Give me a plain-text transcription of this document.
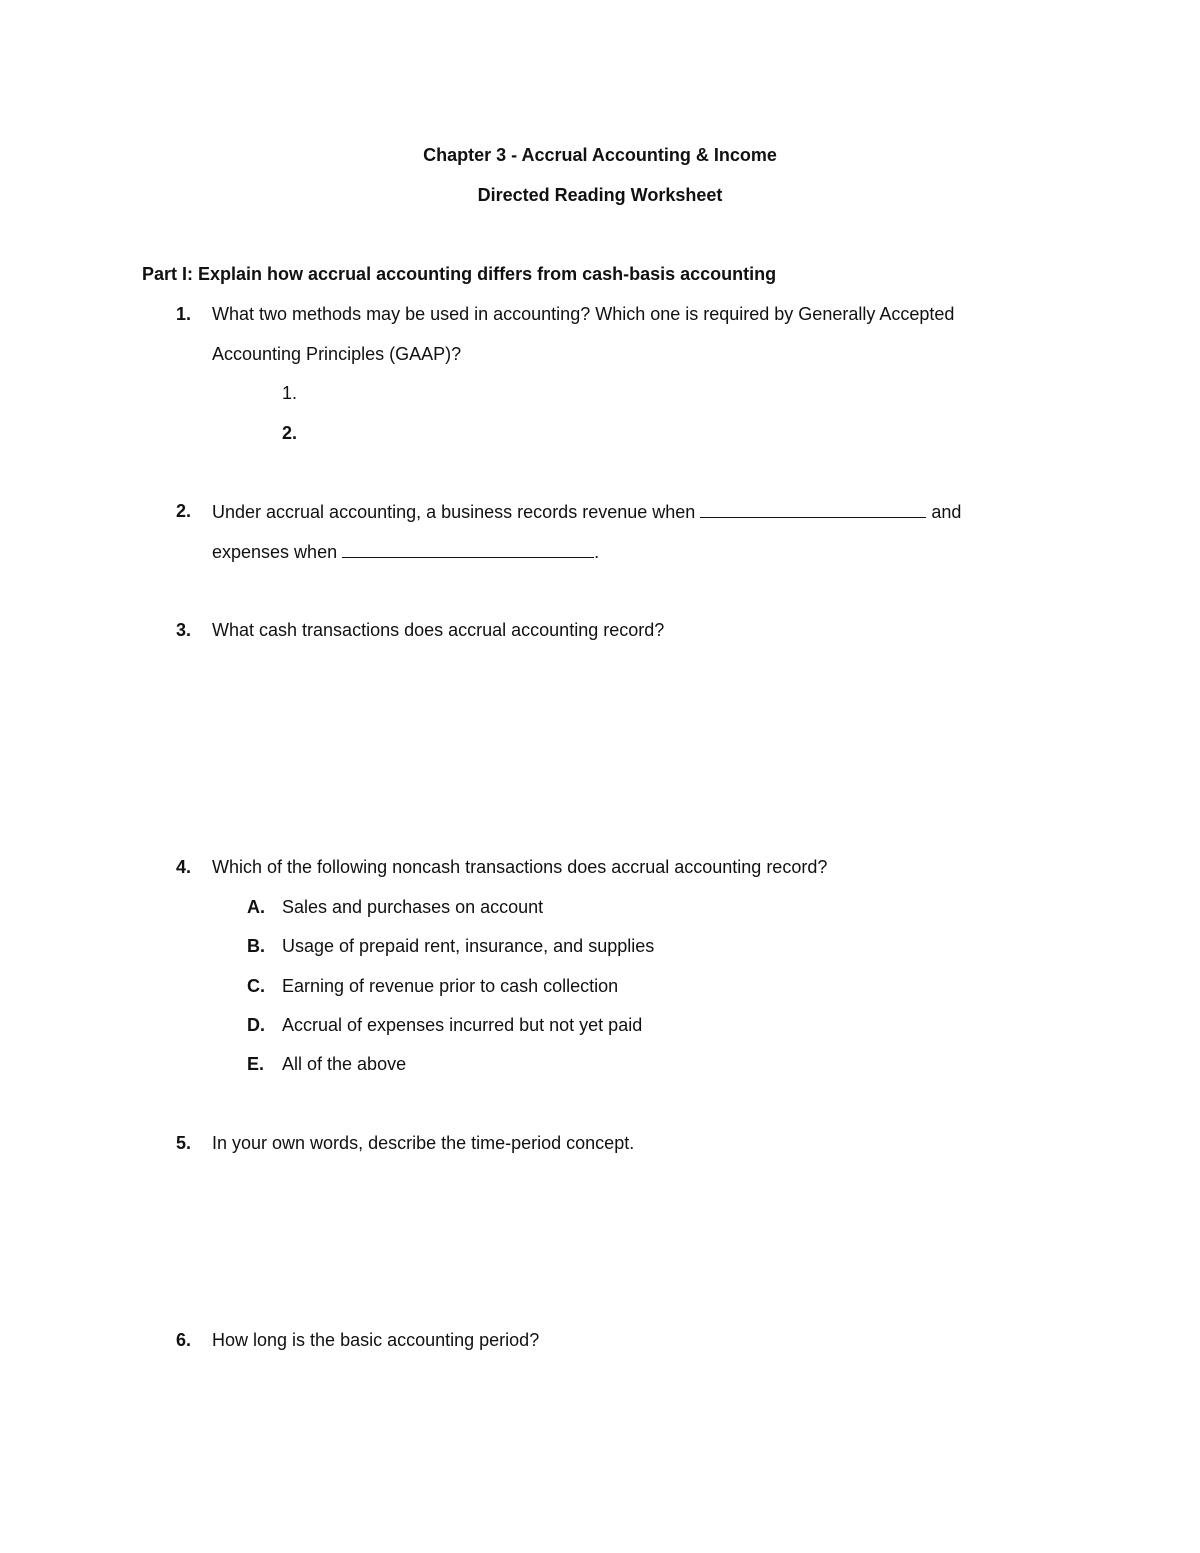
Chapter 3 - Accrual Accounting & Income
Directed Reading Worksheet
Part I: Explain how accrual accounting differs from cash-basis accounting
1. What two methods may be used in accounting? Which one is required by Generally Accepted
Accounting Principles (GAAP)?
1.
2.
2. Under accrual accounting, a business records revenue when	and
expenses when	.
3. What cash transactions does accrual accounting record?
4. Which of the following noncash transactions does accrual accounting record?
A. Sales and purchases on account
B. Usage of prepaid rent, insurance, and supplies
C. Earning of revenue prior to cash collection
D. Accrual of expenses incurred but not yet paid
E. All of the above
5. In your own words, describe the time-period concept.
6. How long is the basic accounting period?
